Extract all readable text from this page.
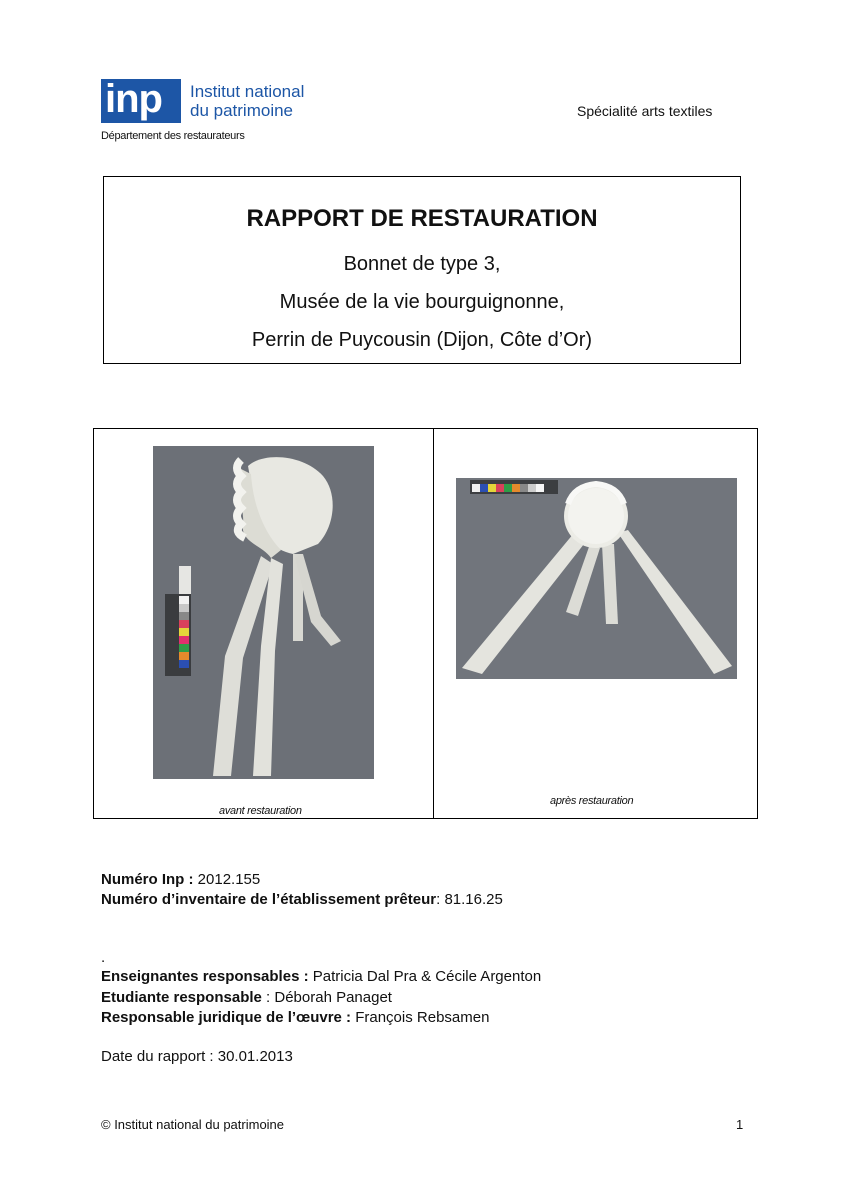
inp	Institut national
du patrimoine
Département des restaurateurs
Spécialité arts textiles
RAPPORT DE RESTAURATION
Bonnet de type 3,
Musée de la vie bourguignonne,
Perrin de Puycousin (Dijon, Côte d’Or)
avant restauration
après restauration
Numéro Inp : 2012.155
Numéro d’inventaire de l’établissement prêteur: 81.16.25
.
Enseignantes responsables : Patricia Dal Pra & Cécile Argenton
Etudiante responsable : Déborah Panaget
Responsable juridique de l’œuvre : François Rebsamen
Date du rapport : 30.01.2013
© Institut national du patrimoine	1
